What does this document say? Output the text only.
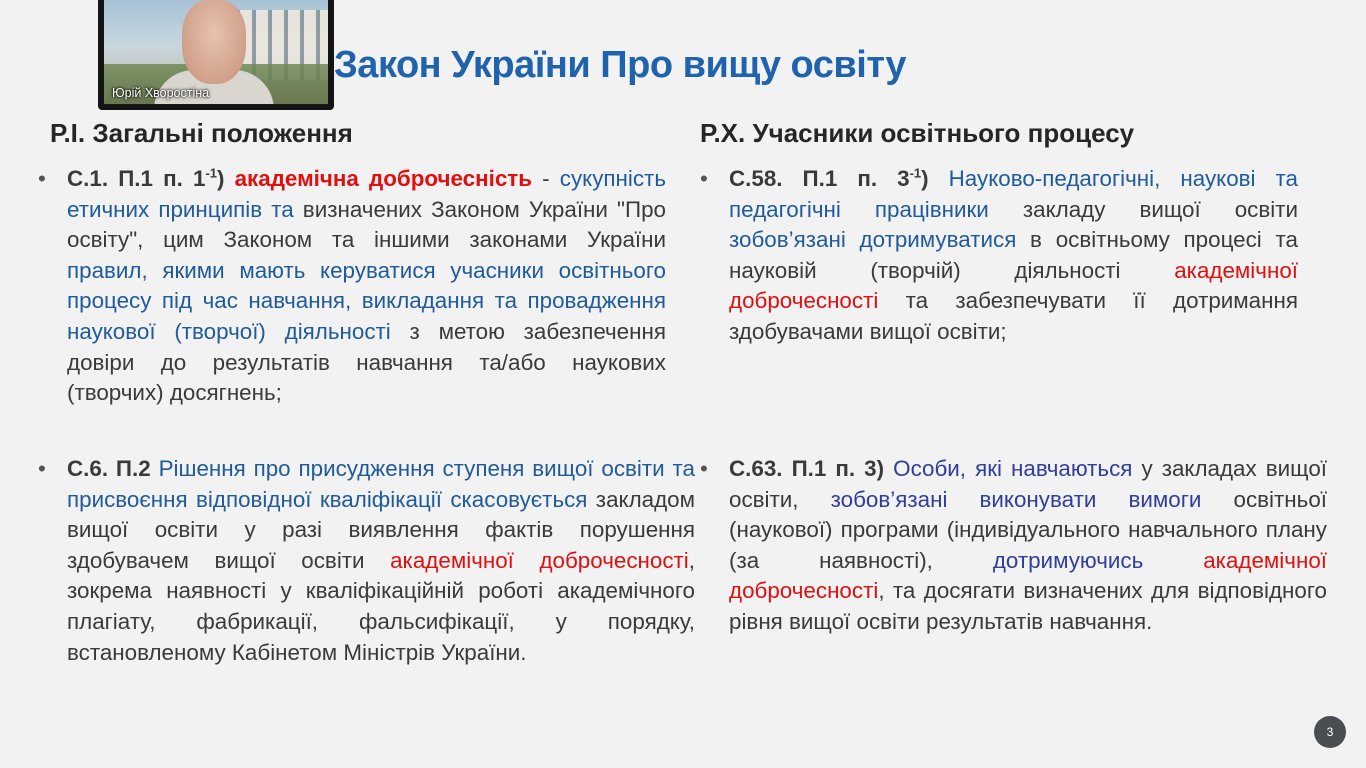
Юрій Хворостіна
Закон України Про вищу освіту
Р.І. Загальні положення	Р.Х. Учасники освітнього процесу
• С.1. П.1 п. $1^{-1}$) академічна доброчесність - сукупність етичних принципів та визначених Законом України "Про освіту", цим Законом та іншими законами України правил, якими мають керуватися учасники освітнього процесу під час навчання, викладання та провадження наукової (творчої) діяльності з метою забезпечення довіри до результатів навчання та/або наукових (творчих) досягнень;
• С.6. П.2 Рішення про присудження ступеня вищої освіти та присвоєння відповідної кваліфікації скасовується закладом вищої освіти у разі виявлення фактів порушення здобувачем вищої освіти академічної доброчесності, зокрема наявності у кваліфікаційній роботі академічного плагіату, фабрикації, фальсифікації, у порядку, встановленому Кабінетом Міністрів України.
• С.58. П.1 п. $3^{-1}$) Науково-педагогічні, наукові та педагогічні працівники закладу вищої освіти зобов’язані дотримуватися в освітньому процесі та науковій (творчій) діяльності академічної доброчесності та забезпечувати її дотримання здобувачами вищої освіти;
• С.63. П.1 п. 3) Особи, які навчаються у закладах вищої освіти, зобов’язані виконувати вимоги освітньої (наукової) програми (індивідуального навчального плану (за наявності), дотримуючись	академічної доброчесності, та досягати визначених для відповідного рівня вищої освіти результатів навчання.
3
